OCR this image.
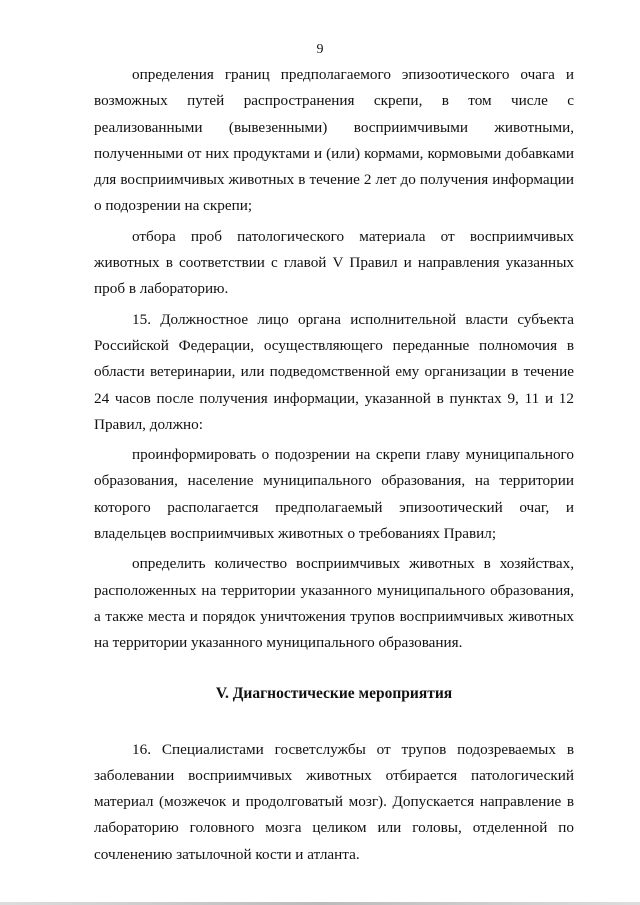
9

определения границ предполагаемого эпизоотического очага и возможных путей распространения скрепи, в том числе с реализованными (вывезенными) восприимчивыми животными, полученными от них продуктами и (или) кормами, кормовыми добавками для восприимчивых животных в течение 2 лет до получения информации о подозрении на скрепи;

отбора проб патологического материала от восприимчивых животных в соответствии с главой V Правил и направления указанных проб в лабораторию.

15. Должностное лицо органа исполнительной власти субъекта Российской Федерации, осуществляющего переданные полномочия в области ветеринарии, или подведомственной ему организации в течение 24 часов после получения информации, указанной в пунктах 9, 11 и 12 Правил, должно:

проинформировать о подозрении на скрепи главу муниципального образования, население муниципального образования, на территории которого располагается предполагаемый эпизоотический очаг, и владельцев восприимчивых животных о требованиях Правил;

определить количество восприимчивых животных в хозяйствах, расположенных на территории указанного муниципального образования, а также места и порядок уничтожения трупов восприимчивых животных на территории указанного муниципального образования.

V. Диагностические мероприятия

16. Специалистами госветслужбы от трупов подозреваемых в заболевании восприимчивых животных отбирается патологический материал (мозжечок и продолговатый мозг). Допускается направление в лабораторию головного мозга целиком или головы, отделенной по сочленению затылочной кости и атланта.
